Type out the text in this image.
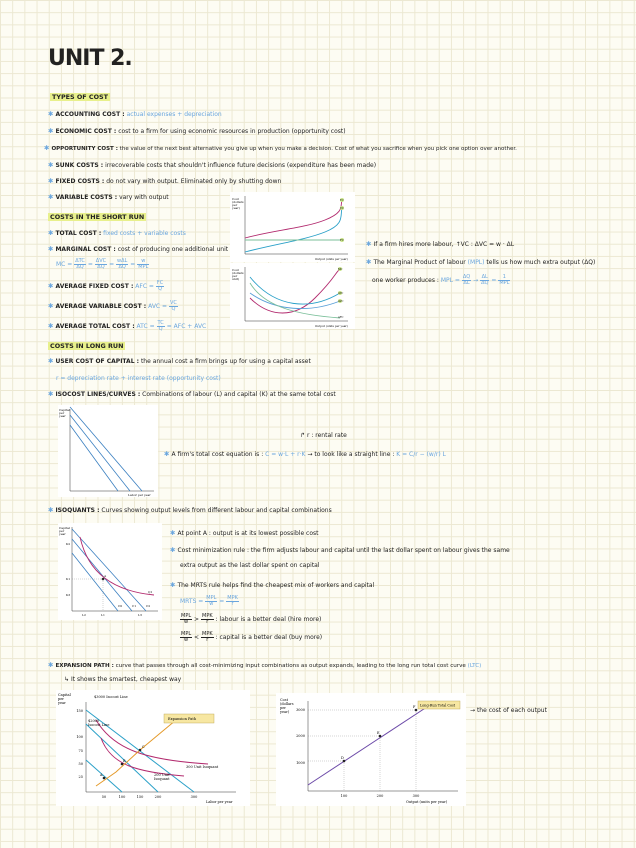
UNIT 2.
TYPES OF COST
✱ ACCOUNTING COST : actual expenses + depreciation
✱ ECONOMIC COST : cost to a firm for using economic resources in production (opportunity cost)
✱ OPPORTUNITY COST : the value of the next best alternative you give up when you make a decision. Cost of what you sacrifice when you pick one option over another.
✱ SUNK COSTS : irrecoverable costs that shouldn't influence future decisions (expenditure has been made)
✱ FIXED COSTS : do not vary with output. Eliminated only by shutting down
✱ VARIABLE COSTS : vary with output
COSTS IN THE SHORT RUN
✱ TOTAL COST : fixed costs + variable costs
✱ MARGINAL COST : cost of producing one additional unit
MC = $\frac{\text{ΔTC}}{\Delta Q} = \frac{\text{ΔVC}}{\Delta Q} = \frac{\text{wΔL}}{\Delta Q} = \frac{w}{\text{MPL}}$
✱ AVERAGE FIXED COST : AFC = $\frac{FC}{Q}$
✱ AVERAGE VARIABLE COST : AVC = $\frac{VC}{Q}$
✱ AVERAGE TOTAL COST : ATC = $\frac{TC}{Q}$ = AFC + AVC
Cost
(dollars
per
year)
TC
VC
FC
Output (units per year)
Cost
(dollars
per
unit)
MC
ATC
AVC
AFC
Output (units per year)
✱ If a firm hires more labour, ↑VC : ΔVC = w · ΔL
✱ The Marginal Product of labour (MPL) tells us how much extra output (ΔQ)
one worker produces : MPL = $\frac{\Delta Q}{\Delta L} \to \frac{\Delta L}{\Delta Q} = \frac{1}{\text{MPL}}$
COSTS IN LONG RUN
✱ USER COST OF CAPITAL : the annual cost a firm brings up for using a capital asset
r = depreciation rate + interest rate (opportunity cost)
✱ ISOCOST LINES/CURVES : Combinations of labour (L) and capital (K) at the same total cost
Capital
per
year
Labor per year
↱ r : rental rate
✱ A firm's total cost equation is : C = w·L + r·K → to look like a straight line : K = C/r − (w/r) L
✱ ISOQUANTS : Curves showing output levels from different labour and capital combinations
Capital
per
year
K2
K1
K3
A
L2	L1	L3
Q1
C0	C1	C2
✱ At point A : output is at its lowest possible cost
✱ Cost minimization rule : the firm adjusts labour and capital until the last dollar spent on labour gives the same
extra output as the last dollar spent on capital
✱ The MRTS rule helps find the cheapest mix of workers and capital
MRTS = $\frac{\text{MPL}}{w} = \frac{\text{MPK}}{r}$
$\frac{\text{MPL}}{w} > \frac{\text{MPK}}{r}$ : labour is a better deal (hire more)
$\frac{\text{MPL}}{w} < \frac{\text{MPK}}{r}$ : capital is a better deal (buy more)
✱ EXPANSION PATH : curve that passes through all cost-minimizing input combinations as output expands, leading to the long run total cost curve (LTC)
↳ It shows the smartest, cheapest way
Capital
per
year
150
100
75
50
25
50	100	150	200	300
Expansion Path
$3000 Isocost Line
$2000
Isocost Line
300 Unit Isoquant
200 Unit
Isoquant
A
B
C
Labor per year
Cost
(dollars
per
year) 3000
2000
1000
100	200	300
D
E
F Long-Run Total Cost
Output (units per year)
→ the cost of each output
